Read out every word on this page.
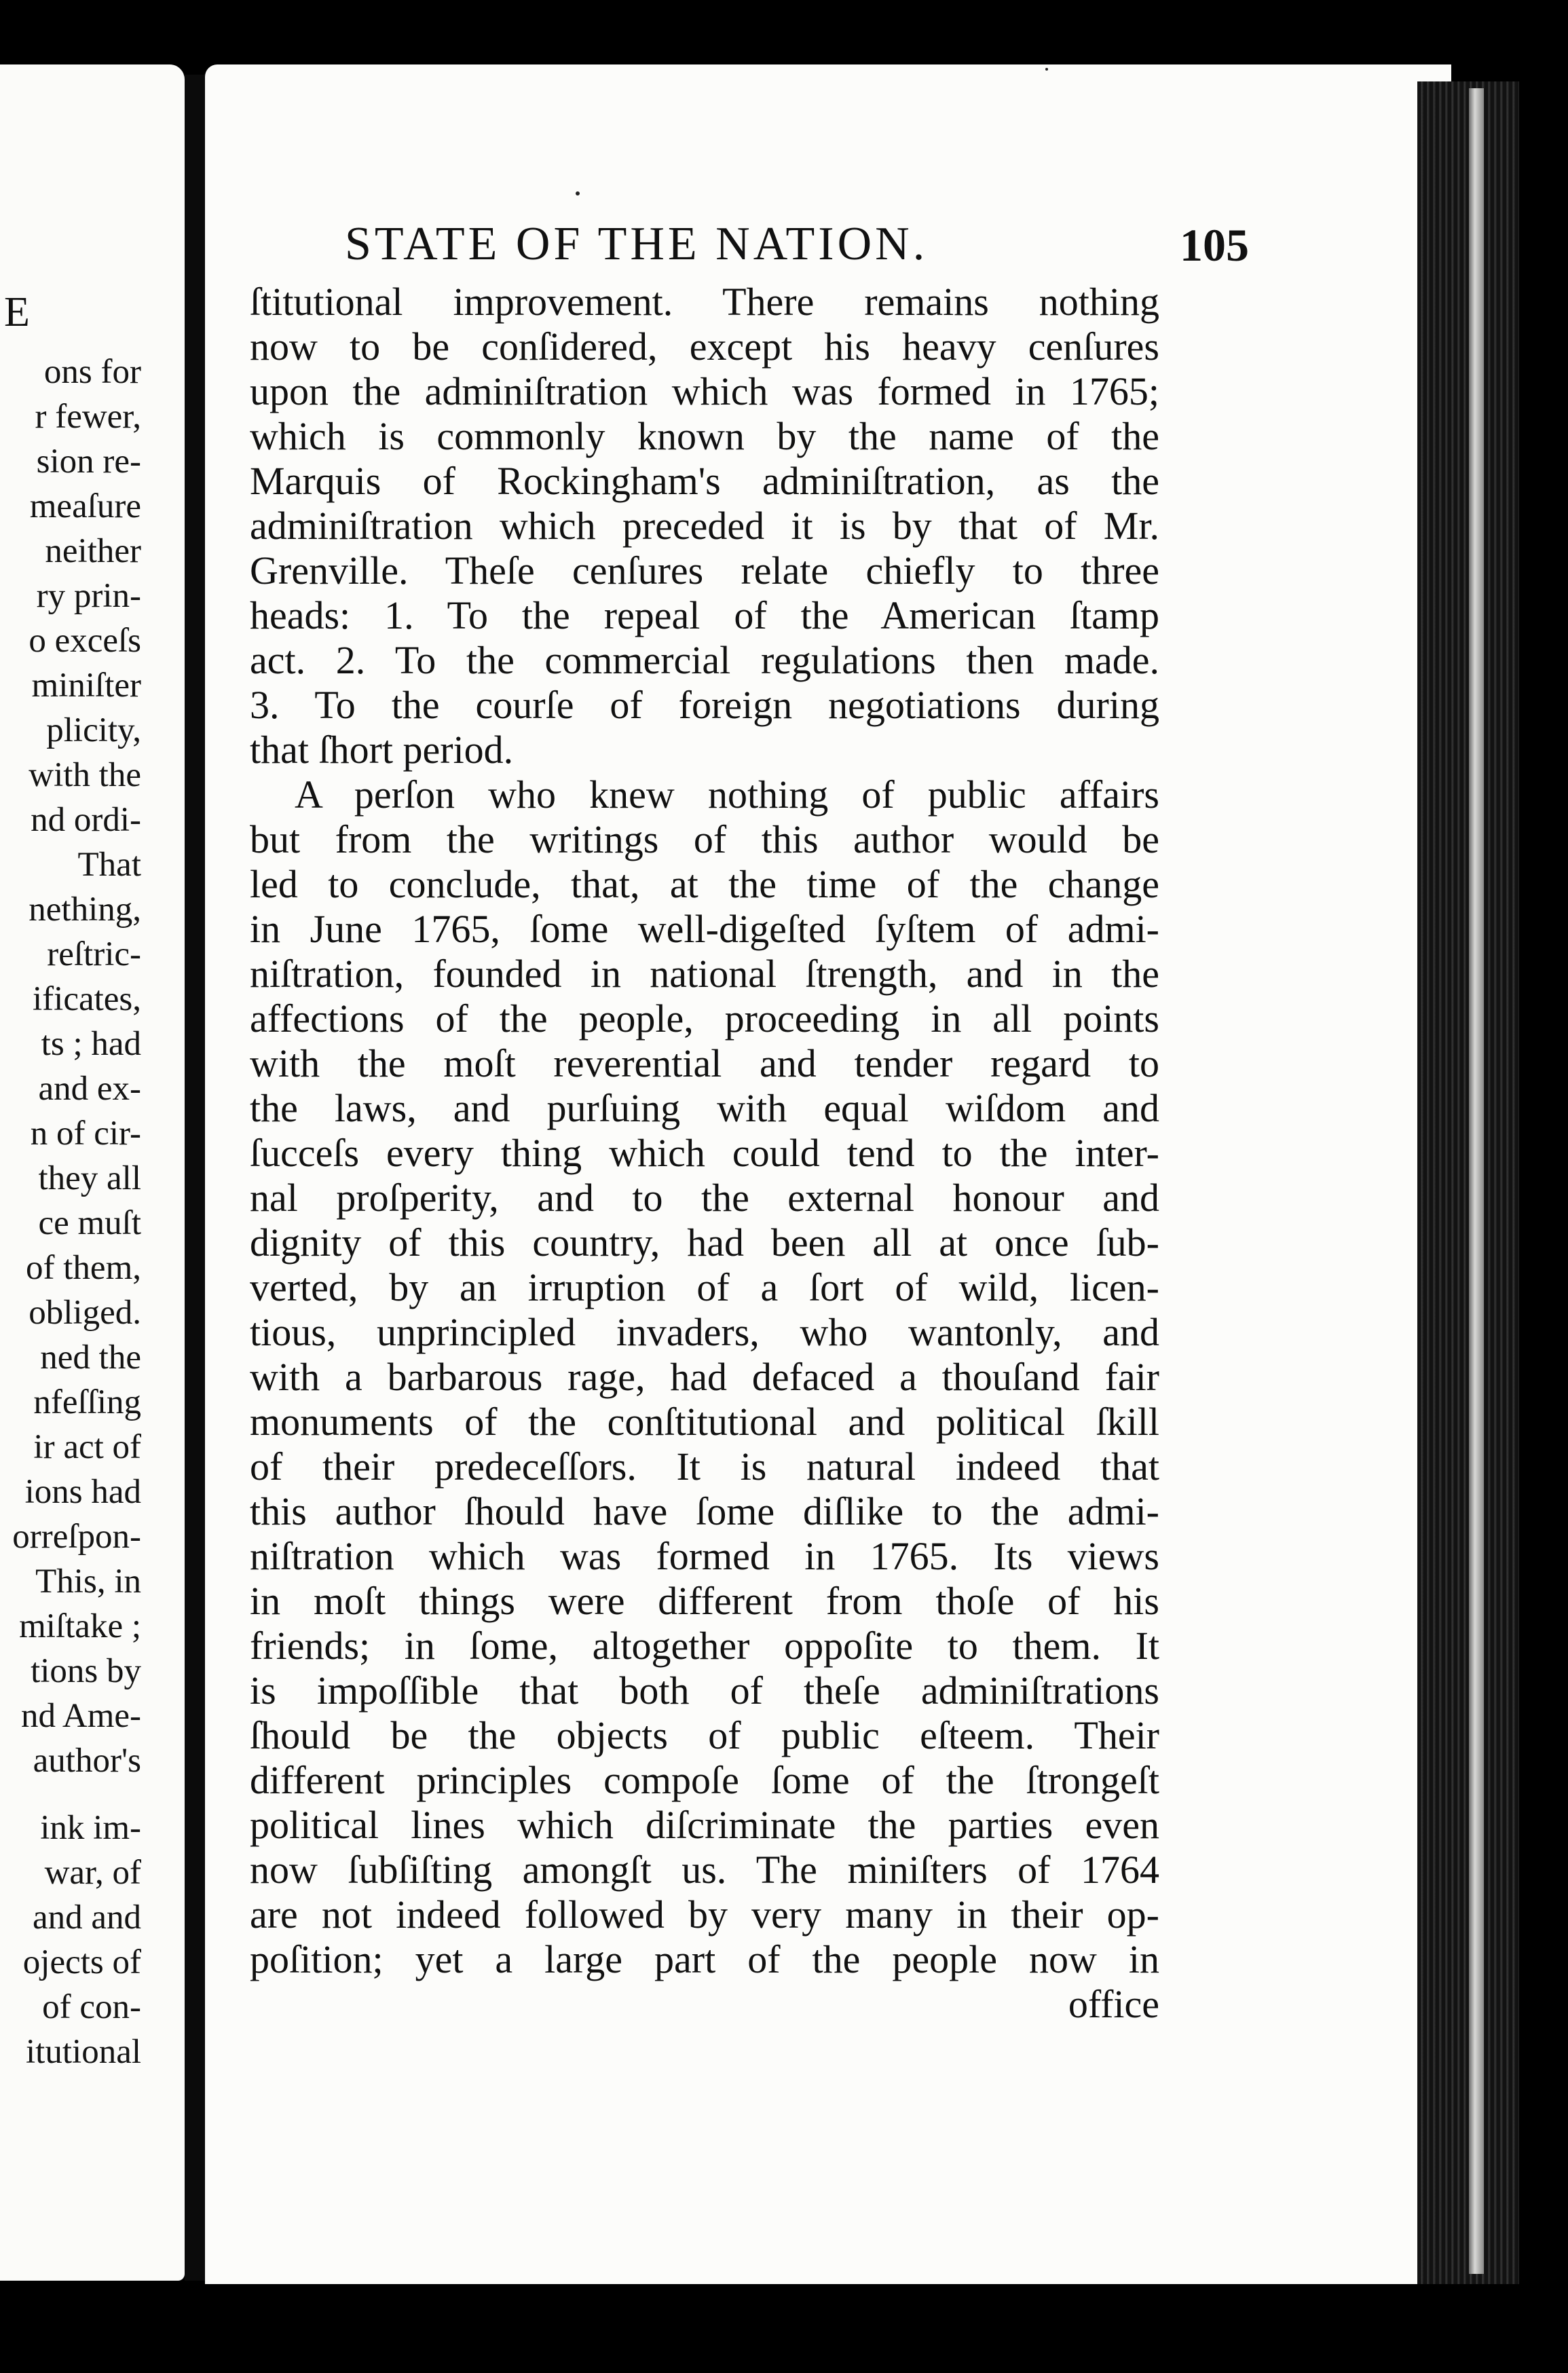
E
ons for
r fewer,
sion re-
meaſure
neither
ry prin-
o exceſs
miniſter
plicity,
with the
nd ordi-
That
nething,
reſtric-
ificates,
ts ; had
and ex-
n of cir-
they all
ce muſt
of them,
obliged.
ned the
nfeſſing
ir act of
ions had
orreſpon-
This, in
miſtake ;
tions by
nd Ame-
author's
ink im-
war, of
and and
ojects of
of con-
itutional
STATE OF THE NATION.	105
ſtitutional improvement. There remains nothing
now to be conſidered, except his heavy cenſures
upon the adminiſtration which was formed in 1765;
which is commonly known by the name of the
Marquis of Rockingham's adminiſtration, as the
adminiſtration which preceded it is by that of Mr.
Grenville. Theſe cenſures relate chiefly to three
heads: 1. To the repeal of the American ſtamp
act. 2. To the commercial regulations then made.
3. To the courſe of foreign negotiations during
that ſhort period.
A perſon who knew nothing of public affairs
but from the writings of this author would be
led to conclude, that, at the time of the change
in June 1765, ſome well-digeſted ſyſtem of admi-
niſtration, founded in national ſtrength, and in the
affections of the people, proceeding in all points
with the moſt reverential and tender regard to
the laws, and purſuing with equal wiſdom and
ſucceſs every thing which could tend to the inter-
nal proſperity, and to the external honour and
dignity of this country, had been all at once ſub-
verted, by an irruption of a ſort of wild, licen-
tious, unprincipled invaders, who wantonly, and
with a barbarous rage, had defaced a thouſand fair
monuments of the conſtitutional and political ſkill
of their predeceſſors. It is natural indeed that
this author ſhould have ſome diſlike to the admi-
niſtration which was formed in 1765. Its views
in moſt things were different from thoſe of his
friends; in ſome, altogether oppoſite to them. It
is impoſſible that both of theſe adminiſtrations
ſhould be the objects of public eſteem. Their
different principles compoſe ſome of the ſtrongeſt
political lines which diſcriminate the parties even
now ſubſiſting amongſt us. The miniſters of 1764
are not indeed followed by very many in their op-
poſition; yet a large part of the people now in
office
